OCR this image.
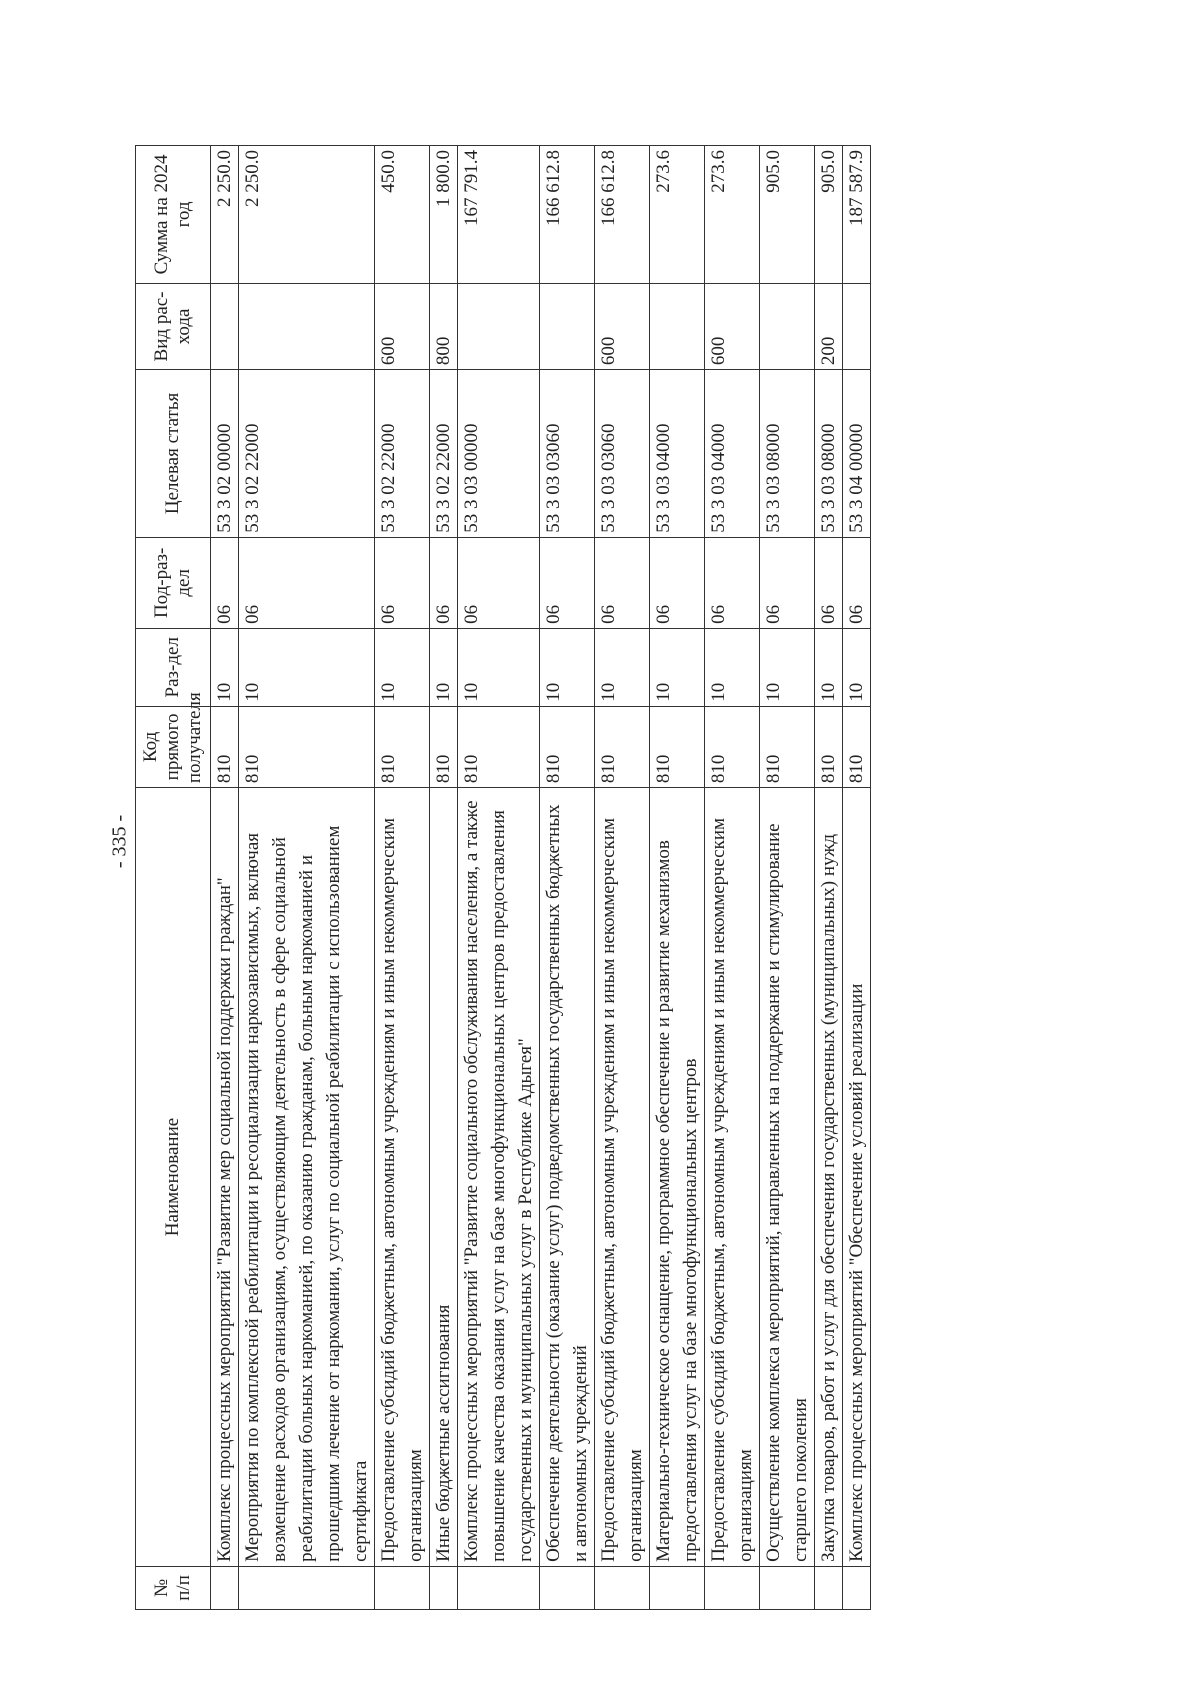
- 335 -
№ п/п	Наименование	Код прямого получателя	Раз-дел	Под-раз-дел	Целевая статья	Вид рас-хода	Сумма на 2024 год
	Комплекс процессных мероприятий "Развитие мер социальной поддержки граждан"	810	10	06	53 3 02 00000		2 250.0
	Мероприятия по комплексной реабилитации и ресоциализации наркозависимых, включая возмещение расходов организациям, осуществляющим деятельность в сфере социальной реабилитации больных наркоманией, по оказанию гражданам, больным наркоманией и прошедшим лечение от наркомании, услуг по социальной реабилитации с использованием сертификата	810	10	06	53 3 02 22000		2 250.0
	Предоставление субсидий бюджетным, автономным учреждениям и иным некоммерческим организациям	810	10	06	53 3 02 22000	600	450.0
	Иные бюджетные ассигнования	810	10	06	53 3 02 22000	800	1 800.0
	Комплекс процессных мероприятий "Развитие социального обслуживания населения, а также повышение качества оказания услуг на базе многофункциональных центров предоставления государственных и муниципальных услуг в Республике Адыгея"	810	10	06	53 3 03 00000		167 791.4
	Обеспечение деятельности (оказание услуг) подведомственных государственных бюджетных и автономных учреждений	810	10	06	53 3 03 03060		166 612.8
	Предоставление субсидий бюджетным, автономным учреждениям и иным некоммерческим организациям	810	10	06	53 3 03 03060	600	166 612.8
	Материально-техническое оснащение, программное обеспечение и развитие механизмов предоставления услуг на базе многофункциональных центров	810	10	06	53 3 03 04000		273.6
	Предоставление субсидий бюджетным, автономным учреждениям и иным некоммерческим организациям	810	10	06	53 3 03 04000	600	273.6
	Осуществление комплекса мероприятий, направленных на поддержание и стимулирование старшего поколения	810	10	06	53 3 03 08000		905.0
	Закупка товаров, работ и услуг для обеспечения государственных (муниципальных) нужд	810	10	06	53 3 03 08000	200	905.0
	Комплекс процессных мероприятий "Обеспечение условий реализации	810	10	06	53 3 04 00000		187 587.9
